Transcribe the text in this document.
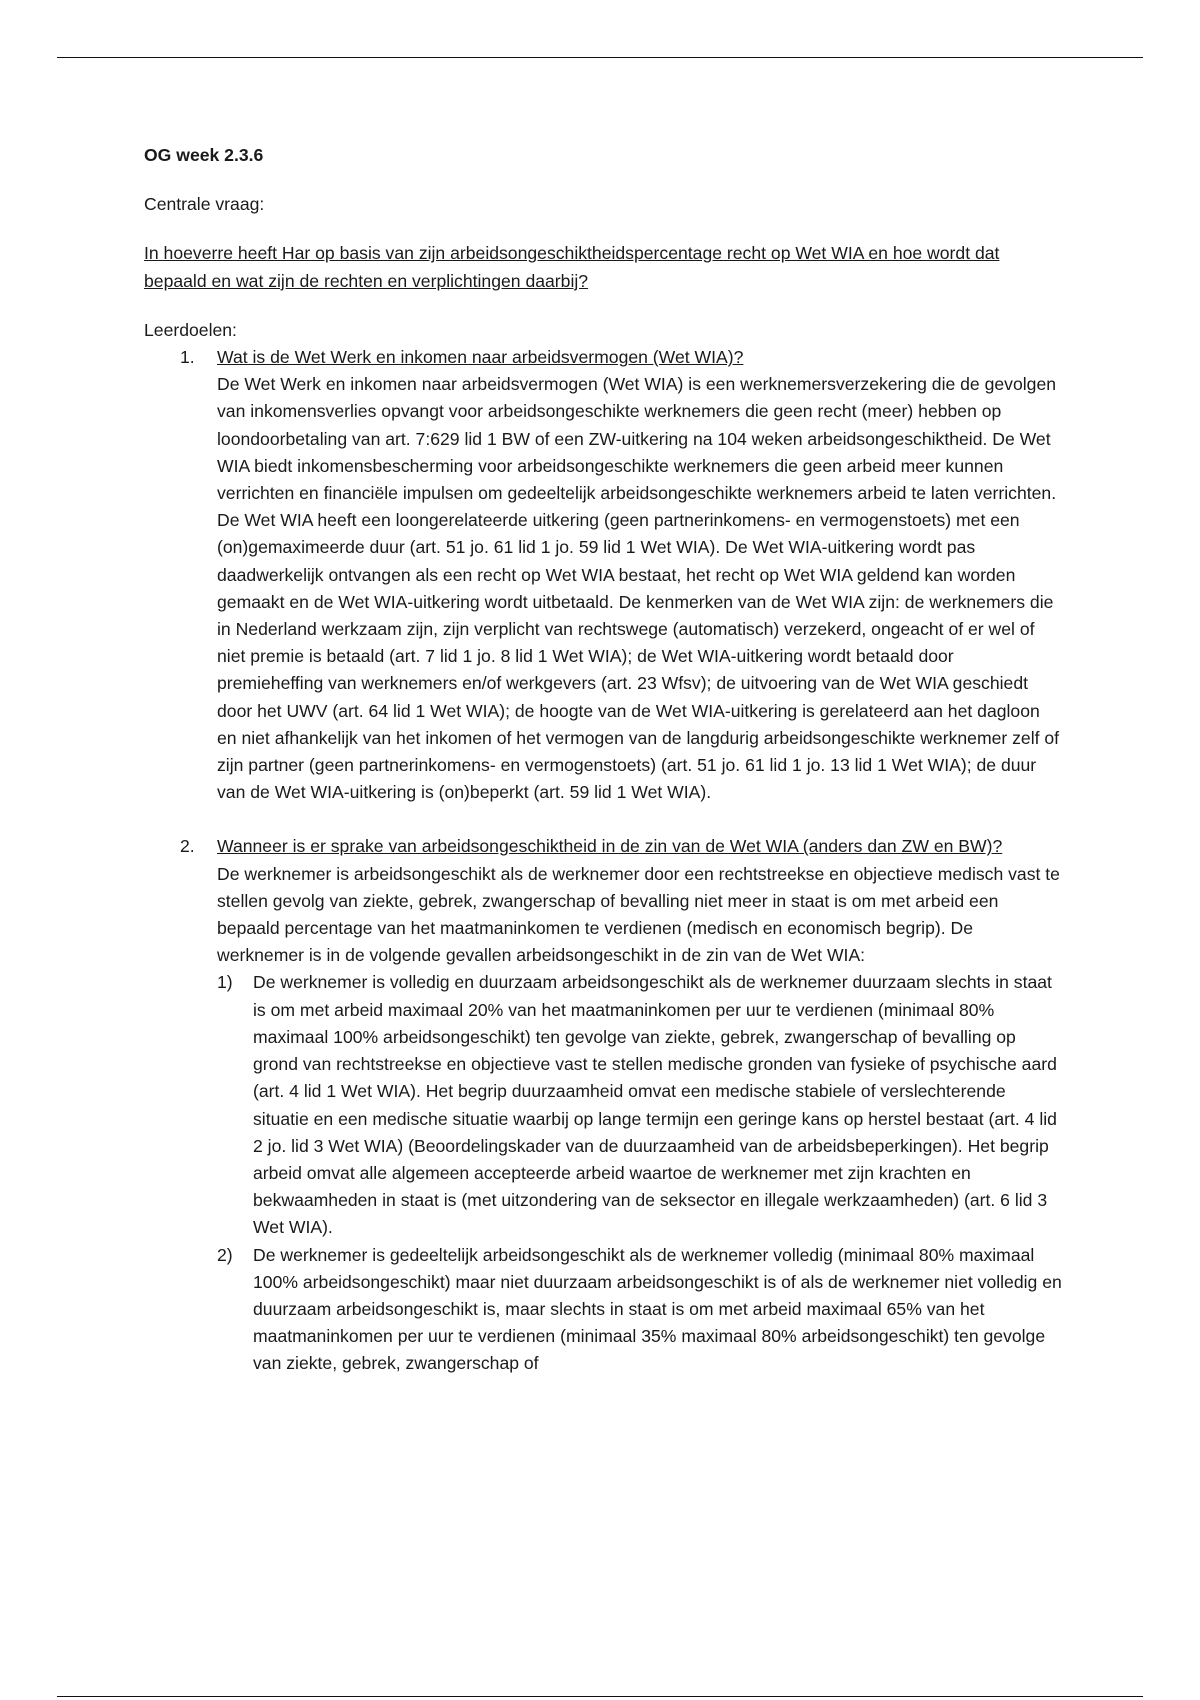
OG week 2.3.6

Centrale vraag:

In hoeverre heeft Har op basis van zijn arbeidsongeschiktheidspercentage recht op Wet WIA en hoe wordt dat bepaald en wat zijn de rechten en verplichtingen daarbij?

Leerdoelen:

1. Wat is de Wet Werk en inkomen naar arbeidsvermogen (Wet WIA)?
De Wet Werk en inkomen naar arbeidsvermogen (Wet WIA) is een werknemersverzekering die de gevolgen van inkomensverlies opvangt voor arbeidsongeschikte werknemers die geen recht (meer) hebben op loondoorbetaling van art. 7:629 lid 1 BW of een ZW-uitkering na 104 weken arbeidsongeschiktheid. De Wet WIA biedt inkomensbescherming voor arbeidsongeschikte werknemers die geen arbeid meer kunnen verrichten en financiële impulsen om gedeeltelijk arbeidsongeschikte werknemers arbeid te laten verrichten. De Wet WIA heeft een loongerelateerde uitkering (geen partnerinkomens- en vermogenstoets) met een (on)gemaximeerde duur (art. 51 jo. 61 lid 1 jo. 59 lid 1 Wet WIA). De Wet WIA-uitkering wordt pas daadwerkelijk ontvangen als een recht op Wet WIA bestaat, het recht op Wet WIA geldend kan worden gemaakt en de Wet WIA-uitkering wordt uitbetaald. De kenmerken van de Wet WIA zijn: de werknemers die in Nederland werkzaam zijn, zijn verplicht van rechtswege (automatisch) verzekerd, ongeacht of er wel of niet premie is betaald (art. 7 lid 1 jo. 8 lid 1 Wet WIA); de Wet WIA-uitkering wordt betaald door premieheffing van werknemers en/of werkgevers (art. 23 Wfsv); de uitvoering van de Wet WIA geschiedt door het UWV (art. 64 lid 1 Wet WIA); de hoogte van de Wet WIA-uitkering is gerelateerd aan het dagloon en niet afhankelijk van het inkomen of het vermogen van de langdurig arbeidsongeschikte werknemer zelf of zijn partner (geen partnerinkomens- en vermogenstoets) (art. 51 jo. 61 lid 1 jo. 13 lid 1 Wet WIA); de duur van de Wet WIA-uitkering is (on)beperkt (art. 59 lid 1 Wet WIA).
2. Wanneer is er sprake van arbeidsongeschiktheid in de zin van de Wet WIA (anders dan ZW en BW)?
De werknemer is arbeidsongeschikt als de werknemer door een rechtstreekse en objectieve medisch vast te stellen gevolg van ziekte, gebrek, zwangerschap of bevalling niet meer in staat is om met arbeid een bepaald percentage van het maatmaninkomen te verdienen (medisch en economisch begrip). De werknemer is in de volgende gevallen arbeidsongeschikt in de zin van de Wet WIA:
1) De werknemer is volledig en duurzaam arbeidsongeschikt als de werknemer duurzaam slechts in staat is om met arbeid maximaal 20% van het maatmaninkomen per uur te verdienen (minimaal 80% maximaal 100% arbeidsongeschikt) ten gevolge van ziekte, gebrek, zwangerschap of bevalling op grond van rechtstreekse en objectieve vast te stellen medische gronden van fysieke of psychische aard (art. 4 lid 1 Wet WIA). Het begrip duurzaamheid omvat een medische stabiele of verslechterende situatie en een medische situatie waarbij op lange termijn een geringe kans op herstel bestaat (art. 4 lid 2 jo. lid 3 Wet WIA) (Beoordelingskader van de duurzaamheid van de arbeidsbeperkingen). Het begrip arbeid omvat alle algemeen accepteerde arbeid waartoe de werknemer met zijn krachten en bekwaamheden in staat is (met uitzondering van de seksector en illegale werkzaamheden) (art. 6 lid 3 Wet WIA).
2) De werknemer is gedeeltelijk arbeidsongeschikt als de werknemer volledig (minimaal 80% maximaal 100% arbeidsongeschikt) maar niet duurzaam arbeidsongeschikt is of als de werknemer niet volledig en duurzaam arbeidsongeschikt is, maar slechts in staat is om met arbeid maximaal 65% van het maatmaninkomen per uur te verdienen (minimaal 35% maximaal 80% arbeidsongeschikt) ten gevolge van ziekte, gebrek, zwangerschap of
